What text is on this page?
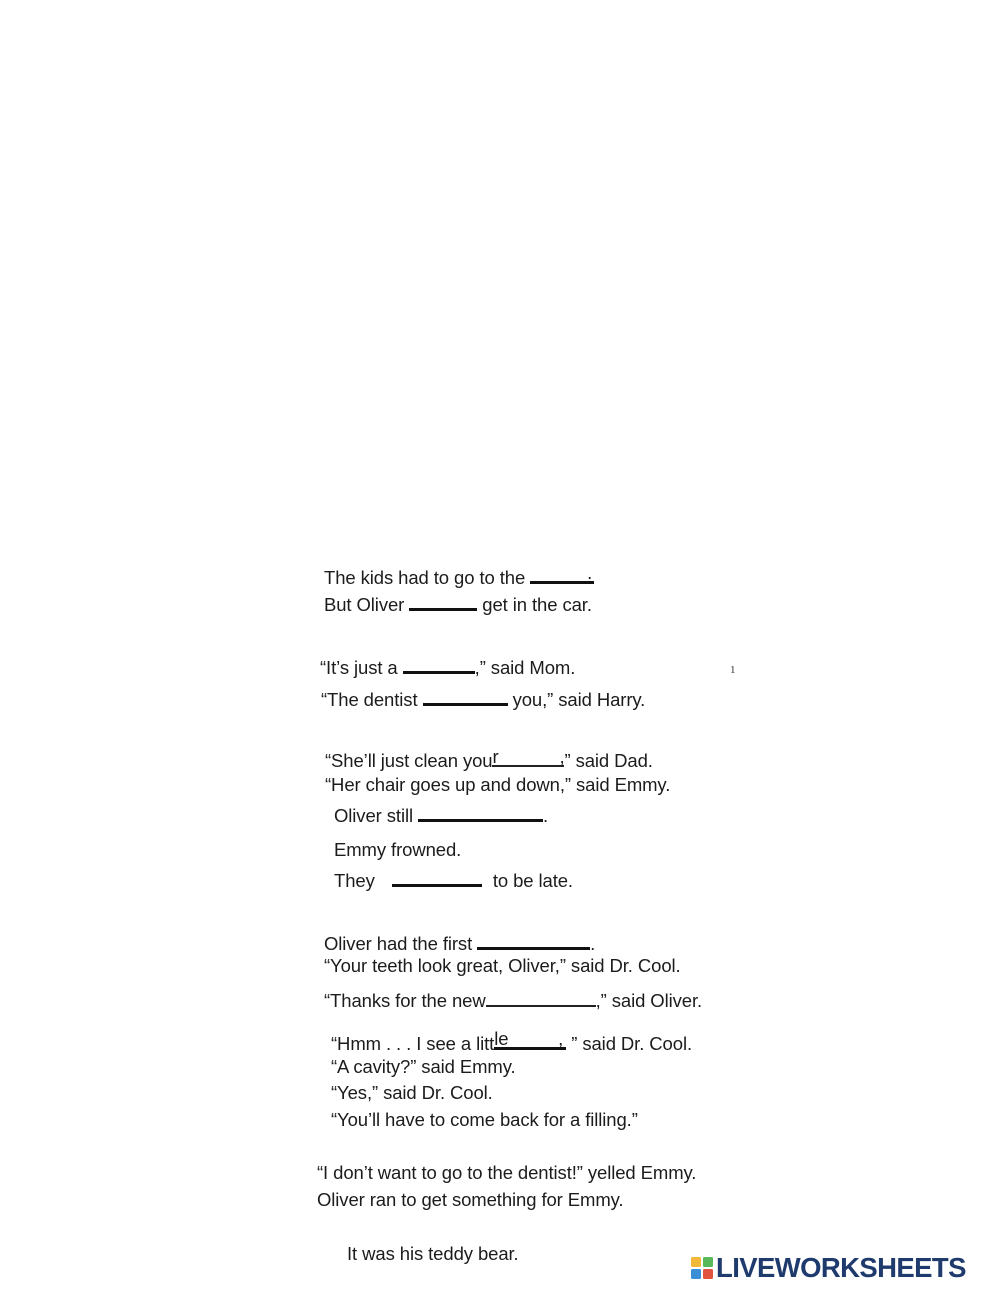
The kids had to go to the	.
But Oliver	get in the car.
“It’s just a	,” said Mom.	1
“The dentist	you,” said Harry.
“She’ll just clean you r	, ” said Dad.
“Her chair goes up and down,” said Emmy.
Oliver still	.
Emmy frowned.
They	to be late.
Oliver had the first	.
“Your teeth look great, Oliver,” said Dr. Cool.
“Thanks for the new	,” said Oliver.
“Hmm . . . I see a litt le	, ” said Dr. Cool.
“A cavity?” said Emmy.
“Yes,” said Dr. Cool.
“You’ll have to come back for a filling.”
“I don’t want to go to the dentist!” yelled Emmy.
Oliver ran to get something for Emmy.
It was his teddy bear.	LIVEWORKSHEETS
